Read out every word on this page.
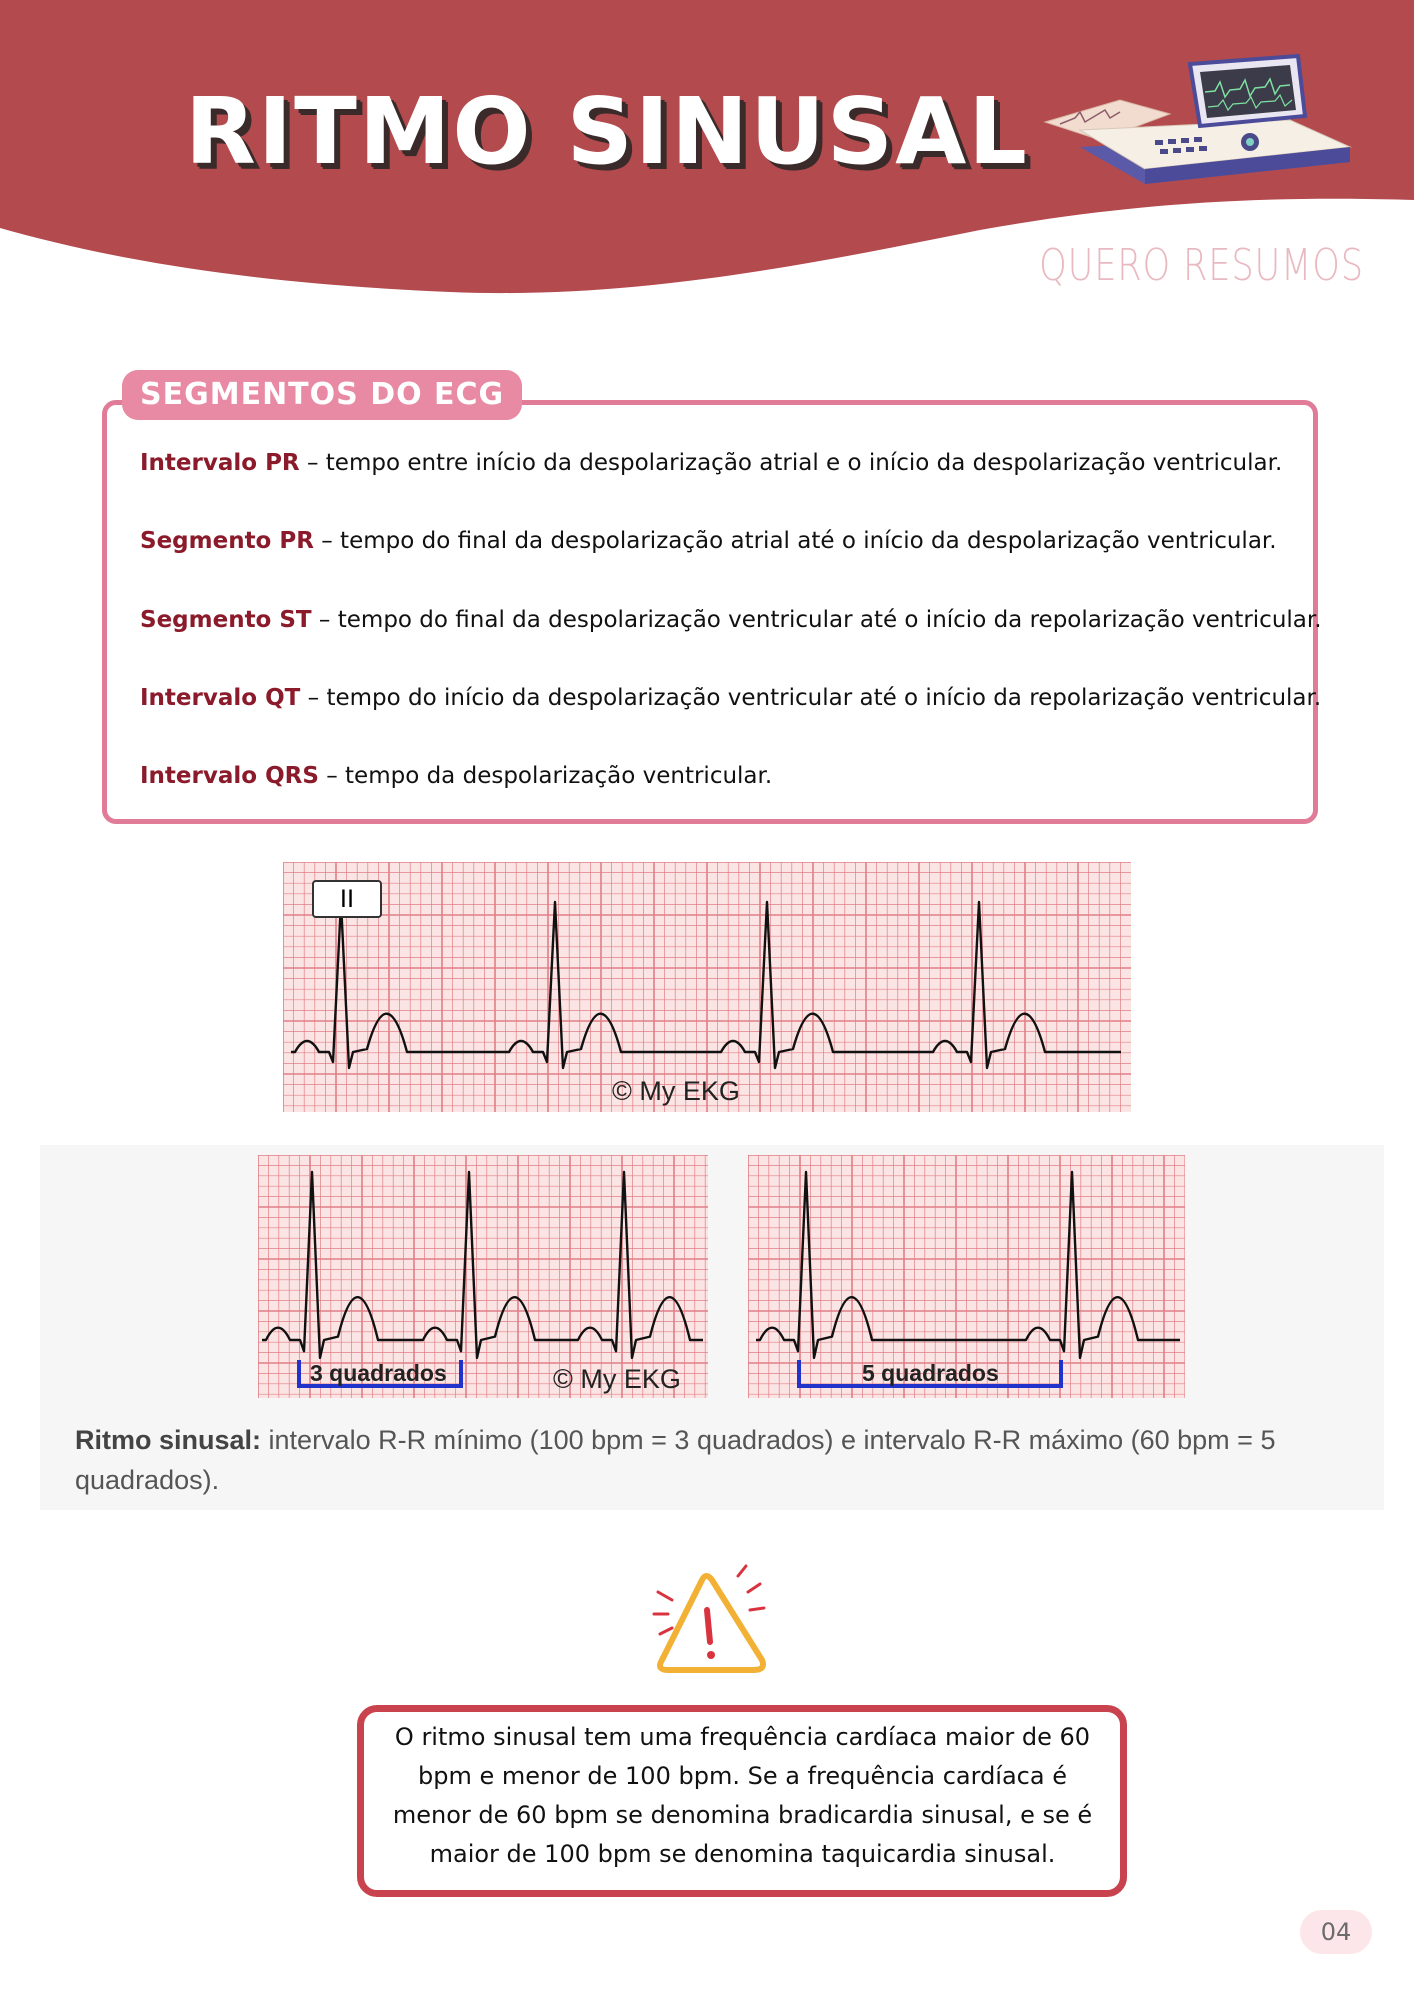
RITMO SINUSAL
QUERO RESUMOS
SEGMENTOS DO ECG
Intervalo PR – tempo entre início da despolarização atrial e o início da despolarização ventricular.
Segmento PR – tempo do final da despolarização atrial até o início da despolarização ventricular.
Segmento ST – tempo do final da despolarização ventricular até o início da repolarização ventricular.
Intervalo QT – tempo do início da despolarização ventricular até o início da repolarização ventricular.
Intervalo QRS – tempo da despolarização ventricular.
II
© My EKG
3 quadrados	© My EKG	5 quadrados
Ritmo sinusal: intervalo R-R mínimo (100 bpm = 3 quadrados) e intervalo R-R máximo (60 bpm = 5 quadrados).
O ritmo sinusal tem uma frequência cardíaca maior de 60 bpm e menor de 100 bpm. Se a frequência cardíaca é menor de 60 bpm se denomina bradicardia sinusal, e se é maior de 100 bpm se denomina taquicardia sinusal.
04
